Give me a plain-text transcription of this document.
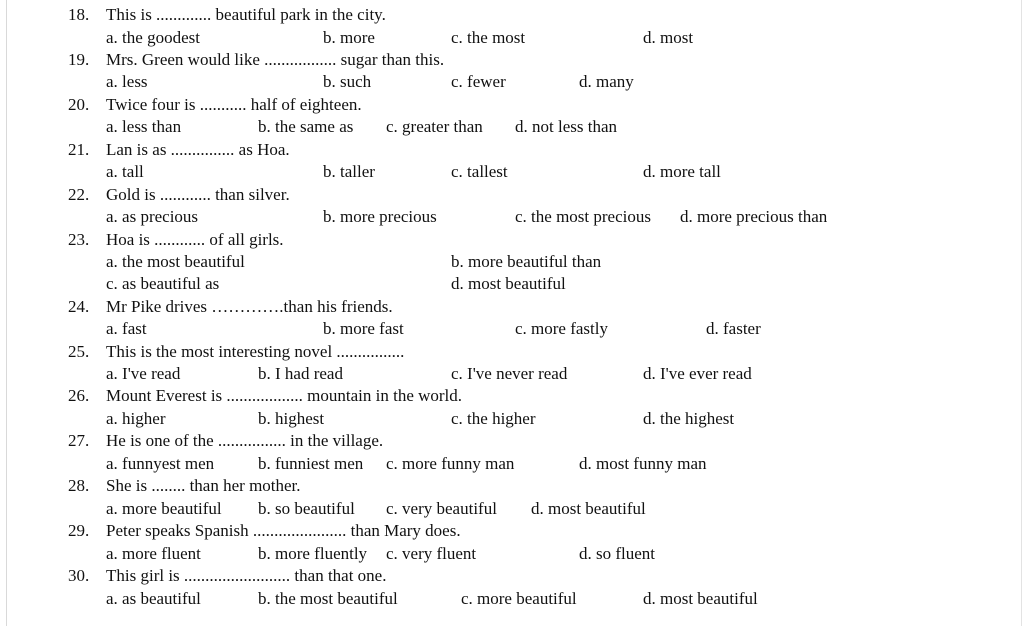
18. This is ............. beautiful park in the city.
a. the goodest	b. more	c. the most	d. most
19. Mrs. Green would like ................. sugar than this.
a. less	b. such	c. fewer	d. many
20. Twice four is ........... half of eighteen.
a. less than	b. the same as c. greater than d. not less than
21. Lan is as ............... as Hoa.
a. tall	b. taller	c. tallest	d. more tall
22. Gold is ............ than silver.
a. as precious	b. more precious	c. the most precious d. more precious than
23. Hoa is ............ of all girls.
a. the most beautiful	b. more beautiful than
c. as beautiful as	d. most beautiful
24. Mr Pike drives ………….than his friends.
a. fast	b. more fast	c. more fastly	d. faster
25. This is the most interesting novel ................
a. I've read	b. I had read	c. I've never read	d. I've ever read
26. Mount Everest is .................. mountain in the world.
a. higher	b. highest	c. the higher	d. the highest
27. He is one of the ................ in the village.
a. funnyest men	b. funniest men c. more funny man	d. most funny man
28. She is ........ than her mother.
a. more beautiful b. so beautiful c. very beautiful d. most beautiful
29. Peter speaks Spanish ...................... than Mary does.
a. more fluent	b. more fluently c. very fluent	d. so fluent
30. This girl is ......................... than that one.
a. as beautiful	b. the most beautiful	c. more beautiful	d. most beautiful
